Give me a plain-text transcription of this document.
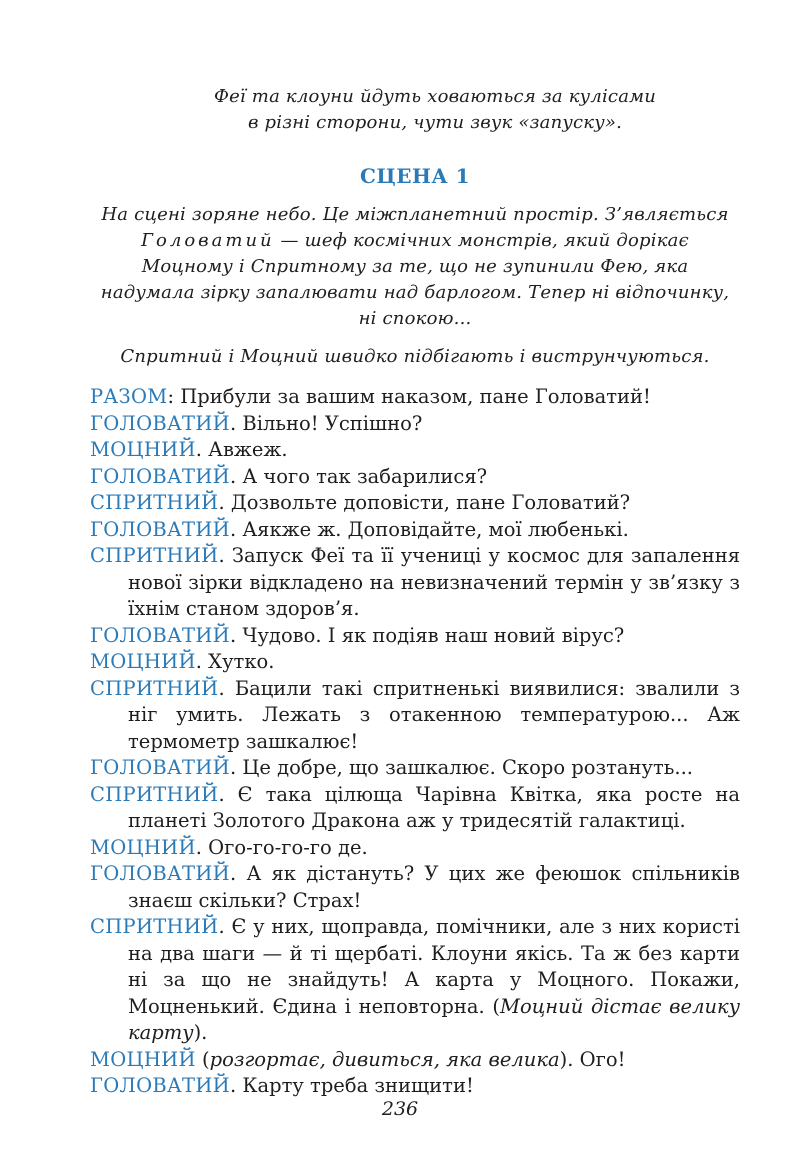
Феї та клоуни йдуть ховаються за кулісами
в різні сторони, чути звук «запуску».
СЦЕНА 1
На сцені зоряне небо. Це міжпланетний простір. З’являється Головатий — шеф космічних монстрів, який дорікає Моцному і Спритному за те, що не зупинили Фею, яка надумала зірку запалювати над барлогом. Тепер ні відпочинку, ні спокою...
Спритний і Моцний швидко підбігають і виструнчуються.
РАЗОМ: Прибули за вашим наказом, пане Головатий!
ГОЛОВАТИЙ. Вільно! Успішно?
МОЦНИЙ. Авжеж.
ГОЛОВАТИЙ. А чого так забарилися?
СПРИТНИЙ. Дозвольте доповісти, пане Головатий?
ГОЛОВАТИЙ. Аякже ж. Доповідайте, мої любенькі.
СПРИТНИЙ. Запуск Феї та її учениці у космос для запалення нової зірки відкладено на невизначений термін у зв’язку з їхнім станом здоров’я.
ГОЛОВАТИЙ. Чудово. І як подіяв наш новий вірус?
МОЦНИЙ. Хутко.
СПРИТНИЙ. Бацили такі спритненькі виявилися: звалили з ніг умить. Лежать з отакенною температурою... Аж термометр зашкалює!
ГОЛОВАТИЙ. Це добре, що зашкалює. Скоро розтануть...
СПРИТНИЙ. Є така цілюща Чарівна Квітка, яка росте на планеті Золотого Дракона аж у тридесятій галактиці.
МОЦНИЙ. Ого-го-го-го де.
ГОЛОВАТИЙ. А як дістануть? У цих же феюшок спільників знаєш скільки? Страх!
СПРИТНИЙ. Є у них, щоправда, помічники, але з них користі на два шаги — й ті щербаті. Клоуни якісь. Та ж без карти ні за що не знайдуть! А карта у Моцного. Покажи, Моцненький. Єдина і неповторна. (Моцний дістає велику карту).
МОЦНИЙ (розгортає, дивиться, яка велика). Ого!
ГОЛОВАТИЙ. Карту треба знищити!
236
